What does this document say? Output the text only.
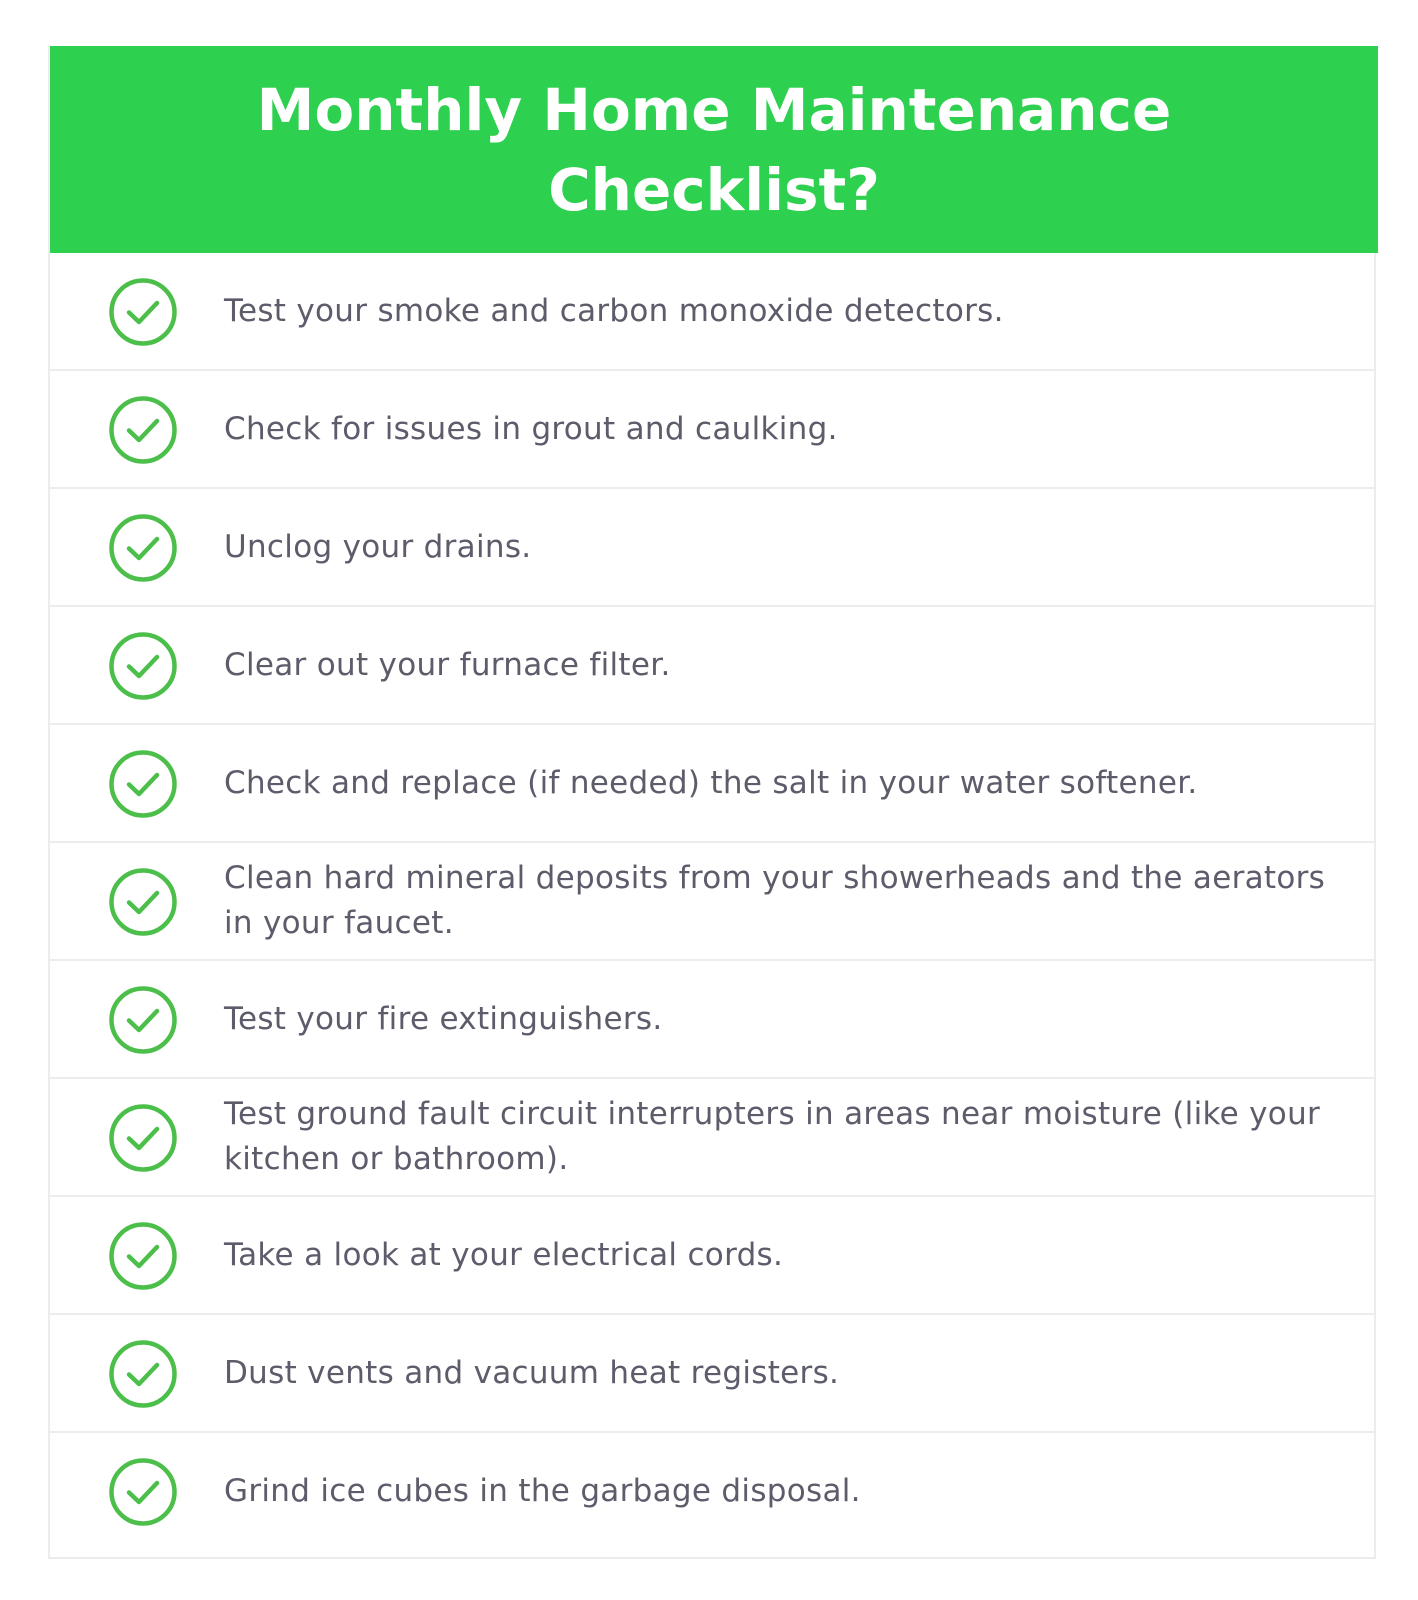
Monthly Home Maintenance Checklist?
Test your smoke and carbon monoxide detectors.
Check for issues in grout and caulking.
Unclog your drains.
Clear out your furnace filter.
Check and replace (if needed) the salt in your water softener.
Clean hard mineral deposits from your showerheads and the aerators in your faucet.
Test your fire extinguishers.
Test ground fault circuit interrupters in areas near moisture (like your kitchen or bathroom).
Take a look at your electrical cords.
Dust vents and vacuum heat registers.
Grind ice cubes in the garbage disposal.
